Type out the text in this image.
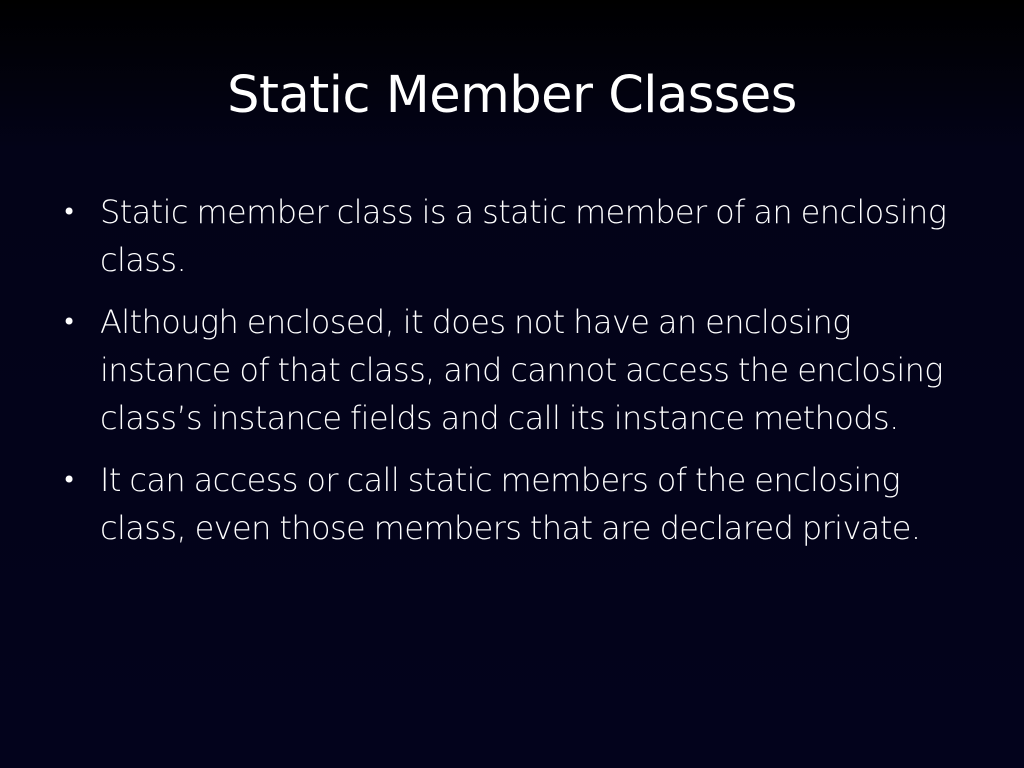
Static Member Classes
• Static member class is a static member of an enclosing class.
• Although enclosed, it does not have an enclosing instance of that class, and cannot access the enclosing class’s instance fields and call its instance methods.
• It can access or call static members of the enclosing class, even those members that are declared private.
